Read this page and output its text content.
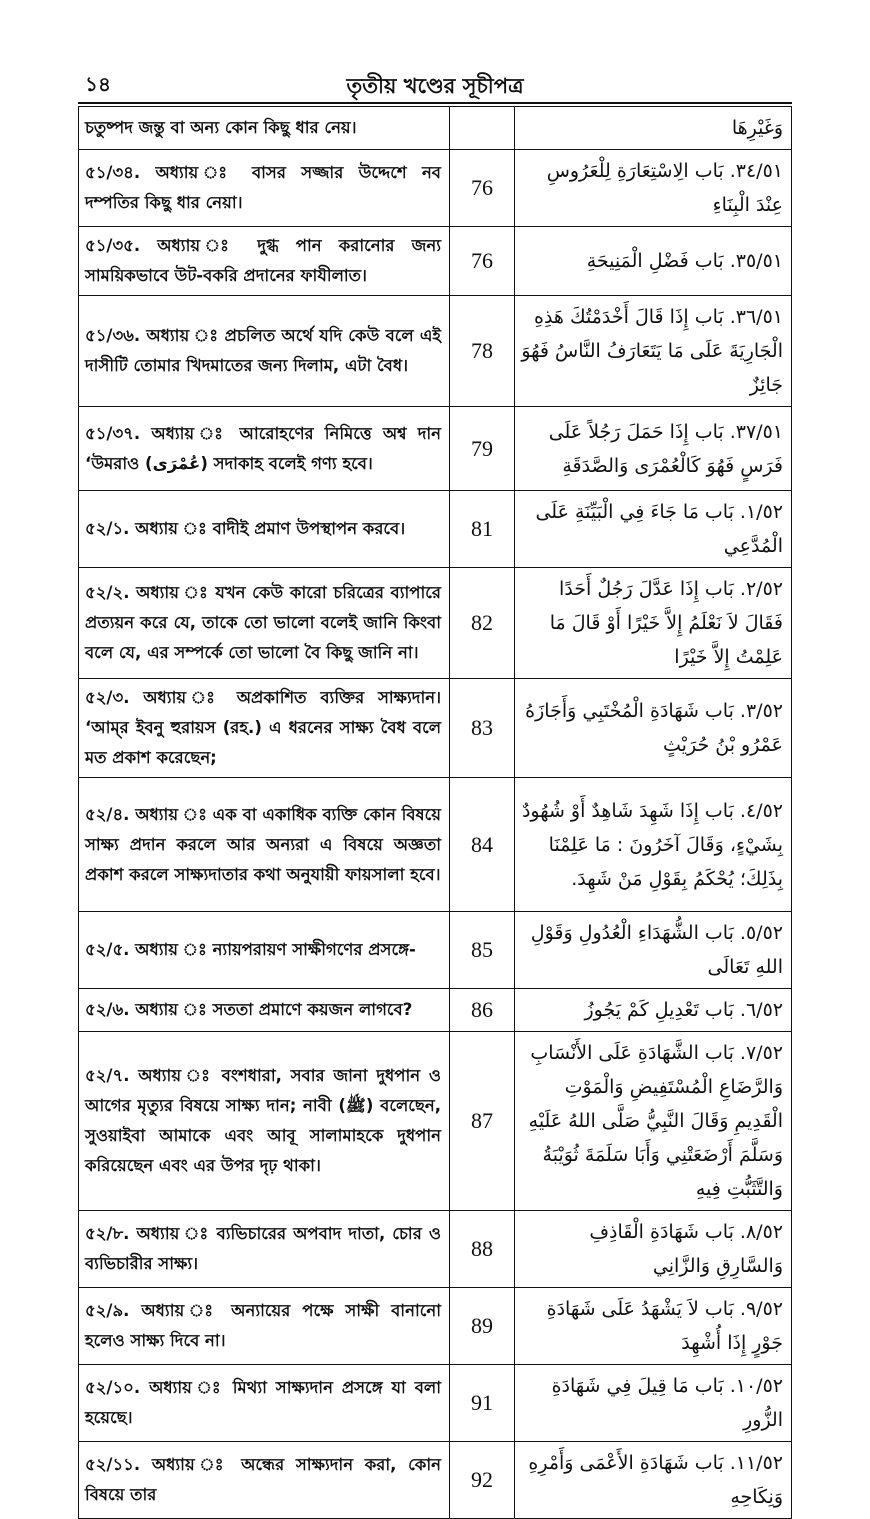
১৪	তৃতীয় খণ্ডের সূচীপত্র
চতুষ্পদ জন্তু বা অন্য কোন কিছু ধার নেয়।		وَغَيْرِهَا
৫১/৩৪. অধ্যায় ঃ বাসর সজ্জার উদ্দেশে নব দম্পতির কিছু ধার নেয়া।	76	٣٤/٥١. بَاب الِاسْتِعَارَةِ لِلْعَرُوسِ عِنْدَ الْبِنَاءِ
৫১/৩৫. অধ্যায় ঃ দুগ্ধ পান করানোর জন্য সাময়িকভাবে উট-বকরি প্রদানের ফাযীলাত।	76	٣٥/٥١. بَاب فَضْلِ الْمَنِيحَةِ
৫১/৩৬. অধ্যায় ঃ প্রচলিত অর্থে যদি কেউ বলে এই দাসীটি তোমার খিদমাতের জন্য দিলাম, এটা বৈধ।	78	٣٦/٥١. بَاب إِذَا قَالَ أَخْدَمْتُكَ هَذِهِ الْجَارِيَةَ عَلَى مَا يَتَعَارَفُ النَّاسُ فَهُوَ جَائِزٌ
৫১/৩৭. অধ্যায় ঃ আরোহণের নিমিত্তে অশ্ব দান ‘উমরাও (عُمْرَى) সদাকাহ বলেই গণ্য হবে।	79	٣٧/٥١. بَاب إِذَا حَمَلَ رَجُلاً عَلَى فَرَسٍ فَهُوَ كَالْعُمْرَى وَالصَّدَقَةِ
৫২/১. অধ্যায় ঃ বাদীই প্রমাণ উপস্থাপন করবে।	81	١/٥٢. بَاب مَا جَاءَ فِي الْبَيِّنَةِ عَلَى الْمُدَّعِي
৫২/২. অধ্যায় ঃ যখন কেউ কারো চরিত্রের ব্যাপারে প্রত্যয়ন করে যে, তাকে তো ভালো বলেই জানি কিংবা বলে যে, এর সম্পর্কে তো ভালো বৈ কিছু জানি না।	82	٢/٥٢. بَاب إِذَا عَدَّلَ رَجُلٌ أَحَدًا فَقَالَ لاَ نَعْلَمُ إِلاَّ خَيْرًا أَوْ قَالَ مَا عَلِمْتُ إِلاَّ خَيْرًا
৫২/৩. অধ্যায় ঃ অপ্রকাশিত ব্যক্তির সাক্ষ্যদান। ‘আম্‌র ইবনু হুরায়স (রহ.) এ ধরনের সাক্ষ্য বৈধ বলে মত প্রকাশ করেছেন;	83	٣/٥٢. بَاب شَهَادَةِ الْمُخْتَبِي وَأَجَازَهُ عَمْرُو بْنُ حُرَيْثٍ
৫২/৪. অধ্যায় ঃ এক বা একাধিক ব্যক্তি কোন বিষয়ে সাক্ষ্য প্রদান করলে আর অন্যরা এ বিষয়ে অজ্ঞতা প্রকাশ করলে সাক্ষ্যদাতার কথা অনুযায়ী ফায়সালা হবে।	84	٤/٥٢. بَاب إِذَا شَهِدَ شَاهِدٌ أَوْ شُهُودٌ بِشَيْءٍ، وَقَالَ آخَرُونَ : مَا عَلِمْنَا بِذَلِكَ؛ يُحْكَمُ بِقَوْلِ مَنْ شَهِدَ.
৫২/৫. অধ্যায় ঃ ন্যায়পরায়ণ সাক্ষীগণের প্রসঙ্গে-	85	٥/٥٢. بَاب الشُّهَدَاءِ الْعُدُولِ وَقَوْلِ اللهِ تَعَالَى
৫২/৬. অধ্যায় ঃ সততা প্রমাণে কয়জন লাগবে?	86	٦/٥٢. بَاب تَعْدِيلِ كَمْ يَجُوزُ
৫২/৭. অধ্যায় ঃ বংশধারা, সবার জানা দুধপান ও আগের মৃত্যুর বিষয়ে সাক্ষ্য দান; নাবী (ﷺ) বলেছেন, সুওয়াইবা আমাকে এবং আবূ সালামাহকে দুধপান করিয়েছেন এবং এর উপর দৃঢ় থাকা।	87	٧/٥٢. بَاب الشَّهَادَةِ عَلَى الأَنْسَابِ وَالرَّضَاعِ الْمُسْتَفِيضِ وَالْمَوْتِ الْقَدِيمِ وَقَالَ النَّبِيُّ صَلَّى اللهُ عَلَيْهِ وَسَلَّمَ أَرْضَعَتْنِي وَأَبَا سَلَمَةَ ثُوَيْبَةُ وَالتَّثَبُّتِ فِيهِ
৫২/৮. অধ্যায় ঃ ব্যভিচারের অপবাদ দাতা, চোর ও ব্যভিচারীর সাক্ষ্য।	88	٨/٥٢. بَاب شَهَادَةِ الْقَاذِفِ وَالسَّارِقِ وَالزَّانِي
৫২/৯. অধ্যায় ঃ অন্যায়ের পক্ষে সাক্ষী বানানো হলেও সাক্ষ্য দিবে না।	89	٩/٥٢. بَاب لاَ يَشْهَدُ عَلَى شَهَادَةِ جَوْرٍ إِذَا أُشْهِدَ
৫২/১০. অধ্যায় ঃ মিথ্যা সাক্ষ্যদান প্রসঙ্গে যা বলা হয়েছে।	91	١٠/٥٢. بَاب مَا قِيلَ فِي شَهَادَةِ الزُّورِ
৫২/১১. অধ্যায় ঃ অন্ধের সাক্ষ্যদান করা, কোন বিষয়ে তার	92	١١/٥٢. بَاب شَهَادَةِ الأَعْمَى وَأَمْرِهِ وَنِكَاحِهِ
